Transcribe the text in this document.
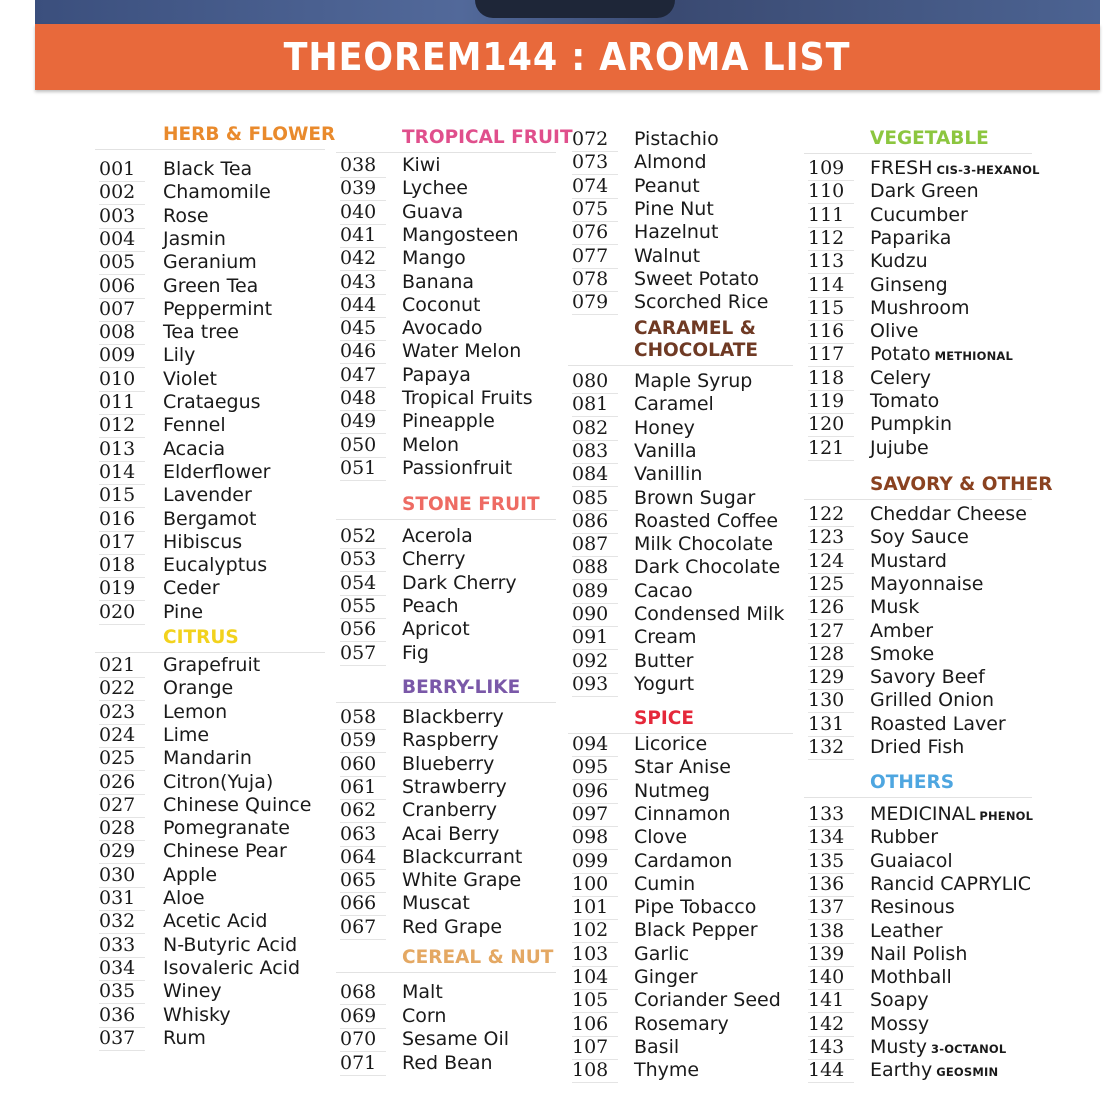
THEOREM144 : AROMA LIST
HERB & FLOWER
001	Black Tea
002	Chamomile
003	Rose
004	Jasmin
005	Geranium
006	Green Tea
007	Peppermint
008	Tea tree
009	Lily
010	Violet
011	Crataegus
012	Fennel
013	Acacia
014	Elderflower
015	Lavender
016	Bergamot
017	Hibiscus
018	Eucalyptus
019	Ceder
020	Pine
CITRUS
021	Grapefruit
022	Orange
023	Lemon
024	Lime
025	Mandarin
026	Citron(Yuja)
027	Chinese Quince
028	Pomegranate
029	Chinese Pear
030	Apple
031	Aloe
032	Acetic Acid
033	N-Butyric Acid
034	Isovaleric Acid
035	Winey
036	Whisky
037	Rum
TROPICAL FRUIT
038	Kiwi
039	Lychee
040	Guava
041	Mangosteen
042	Mango
043	Banana
044	Coconut
045	Avocado
046	Water Melon
047	Papaya
048	Tropical Fruits
049	Pineapple
050	Melon
051	Passionfruit
STONE FRUIT
052	Acerola
053	Cherry
054	Dark Cherry
055	Peach
056	Apricot
057	Fig
BERRY-LIKE
058	Blackberry
059	Raspberry
060	Blueberry
061	Strawberry
062	Cranberry
063	Acai Berry
064	Blackcurrant
065	White Grape
066	Muscat
067	Red Grape
CEREAL & NUT
068	Malt
069	Corn
070	Sesame Oil
071	Red Bean
072	Pistachio
073	Almond
074	Peanut
075	Pine Nut
076	Hazelnut
077	Walnut
078	Sweet Potato
079	Scorched Rice
CARAMEL &
CHOCOLATE
080	Maple Syrup
081	Caramel
082	Honey
083	Vanilla
084	Vanillin
085	Brown Sugar
086	Roasted Coffee
087	Milk Chocolate
088	Dark Chocolate
089	Cacao
090	Condensed Milk
091	Cream
092	Butter
093	Yogurt
SPICE
094	Licorice
095	Star Anise
096	Nutmeg
097	Cinnamon
098	Clove
099	Cardamon
100	Cumin
101	Pipe Tobacco
102	Black Pepper
103	Garlic
104	Ginger
105	Coriander Seed
106	Rosemary
107	Basil
108	Thyme
VEGETABLE
109	FRESH CIS-3-HEXANOL
110	Dark Green
111	Cucumber
112	Paparika
113	Kudzu
114	Ginseng
115	Mushroom
116	Olive
117	Potato METHIONAL
118	Celery
119	Tomato
120	Pumpkin
121	Jujube
SAVORY & OTHER
122	Cheddar Cheese
123	Soy Sauce
124	Mustard
125	Mayonnaise
126	Musk
127	Amber
128	Smoke
129	Savory Beef
130	Grilled Onion
131	Roasted Laver
132	Dried Fish
OTHERS
133	MEDICINAL PHENOL
134	Rubber
135	Guaiacol
136	Rancid CAPRYLIC
137	Resinous
138	Leather
139	Nail Polish
140	Mothball
141	Soapy
142	Mossy
143	Musty 3-OCTANOL
144	Earthy GEOSMIN
